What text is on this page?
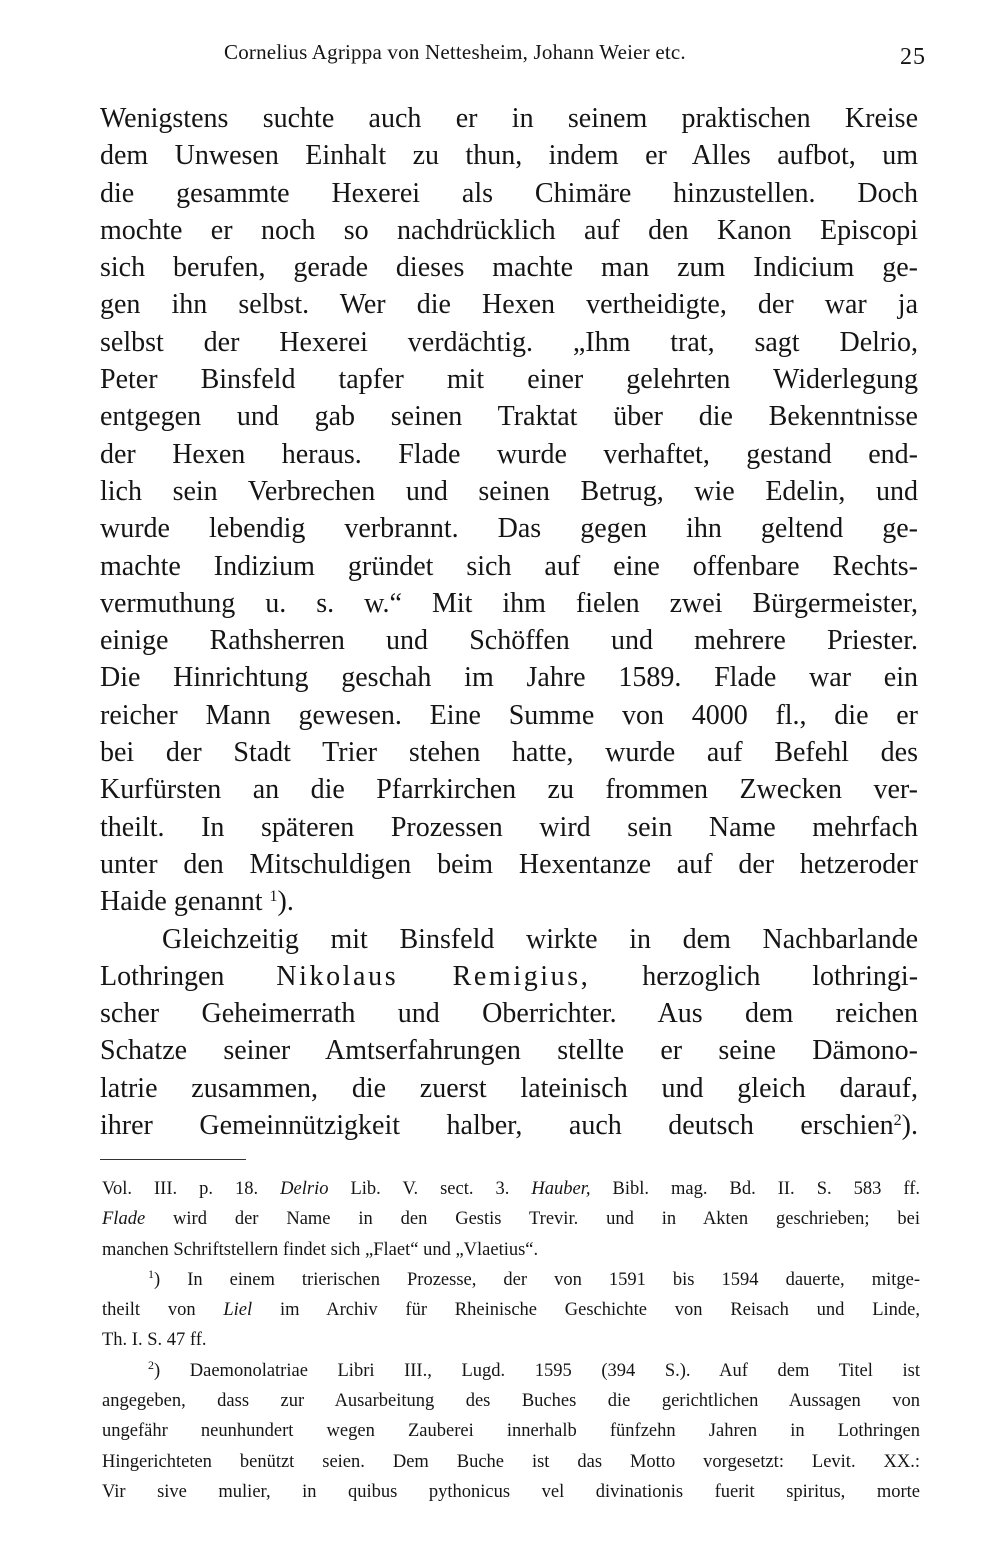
Cornelius Agrippa von Nettesheim, Johann Weier etc.	25
Wenigstens suchte auch er in seinem praktischen Kreise
dem Unwesen Einhalt zu thun, indem er Alles aufbot, um
die gesammte Hexerei als Chimäre hinzustellen. Doch
mochte er noch so nachdrücklich auf den Kanon Episcopi
sich berufen, gerade dieses machte man zum Indicium ge-
gen ihn selbst. Wer die Hexen vertheidigte, der war ja
selbst der Hexerei verdächtig. „Ihm trat, sagt Delrio,
Peter Binsfeld tapfer mit einer gelehrten Widerlegung
entgegen und gab seinen Traktat über die Bekenntnisse
der Hexen heraus. Flade wurde verhaftet, gestand end-
lich sein Verbrechen und seinen Betrug, wie Edelin, und
wurde lebendig verbrannt. Das gegen ihn geltend ge-
machte Indizium gründet sich auf eine offenbare Rechts-
vermuthung u. s. w.“ Mit ihm fielen zwei Bürgermeister,
einige Rathsherren und Schöffen und mehrere Priester.
Die Hinrichtung geschah im Jahre 1589. Flade war ein
reicher Mann gewesen. Eine Summe von 4000 fl., die er
bei der Stadt Trier stehen hatte, wurde auf Befehl des
Kurfürsten an die Pfarrkirchen zu frommen Zwecken ver-
theilt. In späteren Prozessen wird sein Name mehrfach
unter den Mitschuldigen beim Hexentanze auf der hetzeroder
Haide genannt $^1$).
Gleichzeitig mit Binsfeld wirkte in dem Nachbarlande
Lothringen Nikolaus Remigius, herzoglich lothringi-
scher Geheimerrath und Oberrichter. Aus dem reichen
Schatze seiner Amtserfahrungen stellte er seine Dämono-
latrie zusammen, die zuerst lateinisch und gleich darauf,
ihrer Gemeinnützigkeit halber, auch deutsch erschien$^2$).
Vol. III. p. 18. Delrio Lib. V. sect. 3. Hauber, Bibl. mag. Bd. II. S. 583 ff.
Flade wird der Name in den Gestis Trevir. und in Akten geschrieben; bei
manchen Schriftstellern findet sich „Flaet“ und „Vlaetius“.
$^1$) In einem trierischen Prozesse, der von 1591 bis 1594 dauerte, mitge-
theilt von Liel im Archiv für Rheinische Geschichte von Reisach und Linde,
Th. I. S. 47 ff.
$^2$) Daemonolatriae Libri III., Lugd. 1595 (394 S.). Auf dem Titel ist
angegeben, dass zur Ausarbeitung des Buches die gerichtlichen Aussagen von
ungefähr neunhundert wegen Zauberei innerhalb fünfzehn Jahren in Lothringen
Hingerichteten benützt seien. Dem Buche ist das Motto vorgesetzt: Levit. XX.:
Vir sive mulier, in quibus pythonicus vel divinationis fuerit spiritus, morte
